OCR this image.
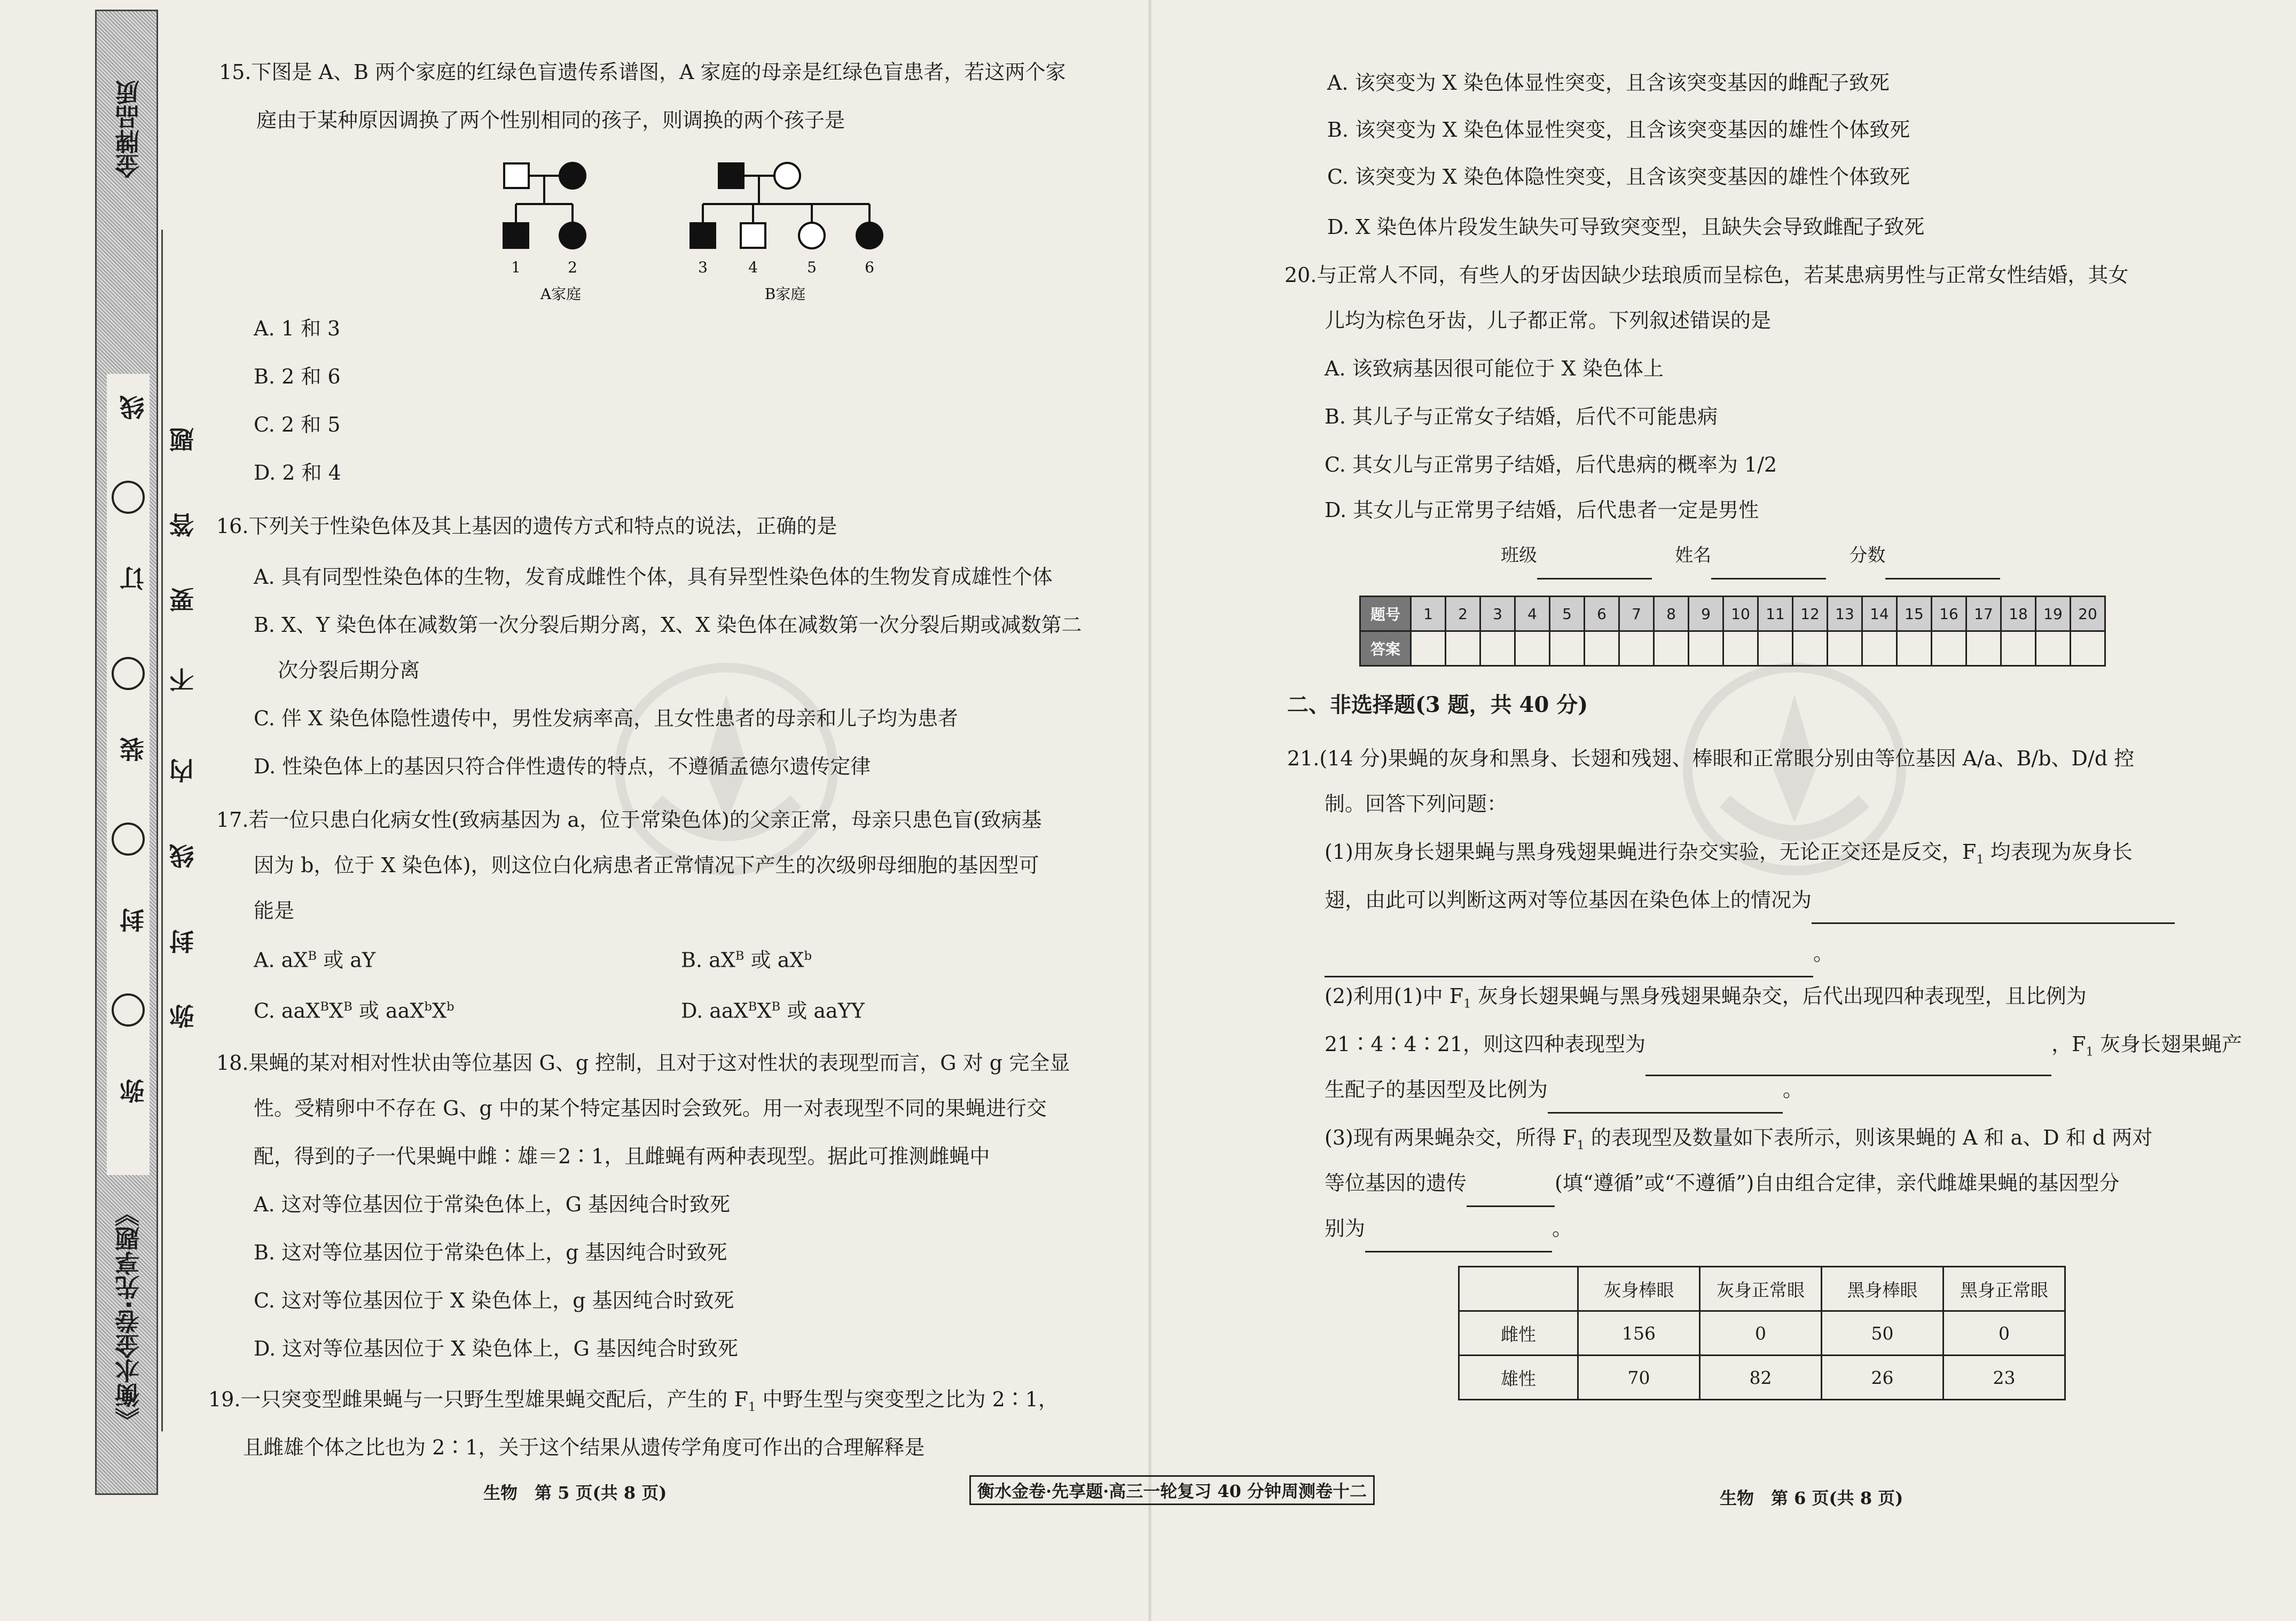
金牌品质
《衡水金卷·先享题》
线
订
装
封
弥
题
答
要
不
内
线
封
弥
15.下图是 A、B 两个家庭的红绿色盲遗传系谱图，A 家庭的母亲是红绿色盲患者，若这两个家
庭由于某种原因调换了两个性别相同的孩子，则调换的两个孩子是
1	2	3	4	5	6
A家庭	B家庭
A. 1 和 3
B. 2 和 6
C. 2 和 5
D. 2 和 4
16.下列关于性染色体及其上基因的遗传方式和特点的说法，正确的是
A. 具有同型性染色体的生物，发育成雌性个体，具有异型性染色体的生物发育成雄性个体
B. X、Y 染色体在减数第一次分裂后期分离，X、X 染色体在减数第一次分裂后期或减数第二
次分裂后期分离
C. 伴 X 染色体隐性遗传中，男性发病率高，且女性患者的母亲和儿子均为患者
D. 性染色体上的基因只符合伴性遗传的特点，不遵循孟德尔遗传定律
17.若一位只患白化病女性(致病基因为 a，位于常染色体)的父亲正常，母亲只患色盲(致病基
因为 b，位于 X 染色体)，则这位白化病患者正常情况下产生的次级卵母细胞的基因型可
能是
A. $aX^B$ 或 aY	B. $aX^B$ 或 $aX^b$
C. $aaX^BX^B$ 或 $aaX^bX^b$	D. $aaX^BX^B$ 或 aaYY
18.果蝇的某对相对性状由等位基因 G、g 控制，且对于这对性状的表现型而言，G 对 g 完全显
性。受精卵中不存在 G、g 中的某个特定基因时会致死。用一对表现型不同的果蝇进行交
配，得到的子一代果蝇中雌∶雄＝2∶1，且雌蝇有两种表现型。据此可推测雌蝇中
A. 这对等位基因位于常染色体上，G 基因纯合时致死
B. 这对等位基因位于常染色体上，g 基因纯合时致死
C. 这对等位基因位于 X 染色体上，g 基因纯合时致死
D. 这对等位基因位于 X 染色体上，G 基因纯合时致死
19.一只突变型雌果蝇与一只野生型雄果蝇交配后，产生的 $F_1$ 中野生型与突变型之比为 2∶1，
且雌雄个体之比也为 2∶1，关于这个结果从遗传学角度可作出的合理解释是
生物　第 5 页(共 8 页)	衡水金卷·先享题·高三一轮复习 40 分钟周测卷十二
A. 该突变为 X 染色体显性突变，且含该突变基因的雌配子致死
B. 该突变为 X 染色体显性突变，且含该突变基因的雄性个体致死
C. 该突变为 X 染色体隐性突变，且含该突变基因的雄性个体致死
D. X 染色体片段发生缺失可导致突变型，且缺失会导致雌配子致死
20.与正常人不同，有些人的牙齿因缺少珐琅质而呈棕色，若某患病男性与正常女性结婚，其女
儿均为棕色牙齿，儿子都正常。下列叙述错误的是
A. 该致病基因很可能位于 X 染色体上
B. 其儿子与正常女子结婚，后代不可能患病
C. 其女儿与正常男子结婚，后代患病的概率为 1/2
D. 其女儿与正常男子结婚，后代患者一定是男性
班级	姓名	分数
题号	1	2	3	4	5	6	7	8	9	10	11	12	13	14	15	16	17	18	19	20
答案																				
二、非选择题(3 题，共 40 分)
21.(14 分)果蝇的灰身和黑身、长翅和残翅、棒眼和正常眼分别由等位基因 A/a、B/b、D/d 控
制。回答下列问题：
(1)用灰身长翅果蝇与黑身残翅果蝇进行杂交实验，无论正交还是反交，$F_1$ 均表现为灰身长
翅，由此可以判断这两对等位基因在染色体上的情况为
。
(2)利用(1)中 $F_1$ 灰身长翅果蝇与黑身残翅果蝇杂交，后代出现四种表现型，且比例为
21∶4∶4∶21，则这四种表现型为	，$F_1$ 灰身长翅果蝇产
生配子的基因型及比例为	。
(3)现有两果蝇杂交，所得 $F_1$ 的表现型及数量如下表所示，则该果蝇的 A 和 a、D 和 d 两对
等位基因的遗传	(填“遵循”或“不遵循”)自由组合定律，亲代雌雄果蝇的基因型分
别为	。
	灰身棒眼	灰身正常眼	黑身棒眼	黑身正常眼
雌性	156	0	50	0
雄性	70	82	26	23
生物　第 6 页(共 8 页)
